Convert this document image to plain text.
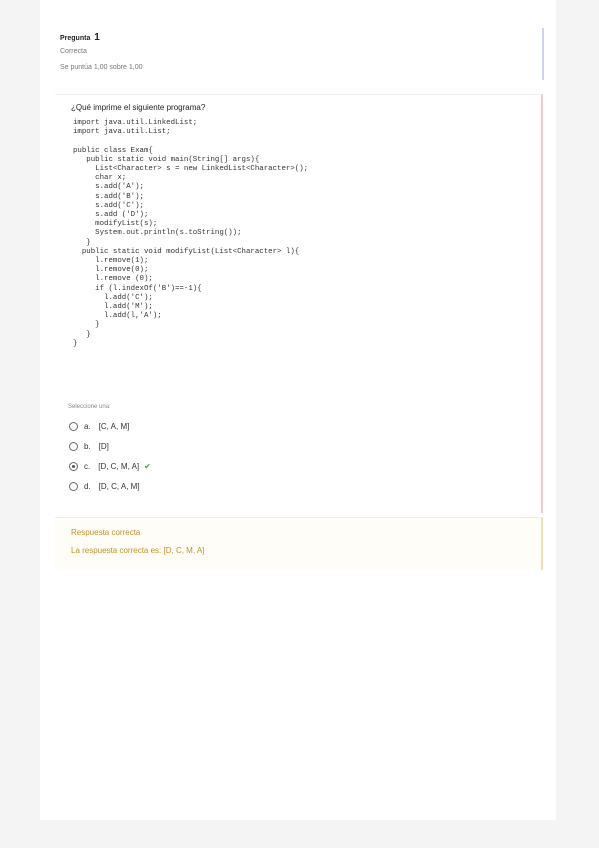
Pregunta 1
Correcta
Se puntúa 1,00 sobre 1,00
¿Qué imprime el siguiente programa?
import java.util.LinkedList;
import java.util.List;

public class Exam{
public static void main(String[] args){
List<Character> s = new LinkedList<Character>();
char x;
s.add('A');
s.add('B');
s.add('C');
s.add ('D');
modifyList(s);
System.out.println(s.toString());
}
public static void modifyList(List<Character> l){
l.remove(1);
l.remove(0);
l.remove (0);
if (l.indexOf('B')==-1){
l.add('C');
l.add('M');
l.add(l,'A');
}
}
}
Seleccione una:
a. [C, A, M]
b. [D]
c. [D, C, M, A] ✔
d. [D, C, A, M]
Respuesta correcta
La respuesta correcta es: [D, C, M, A]
